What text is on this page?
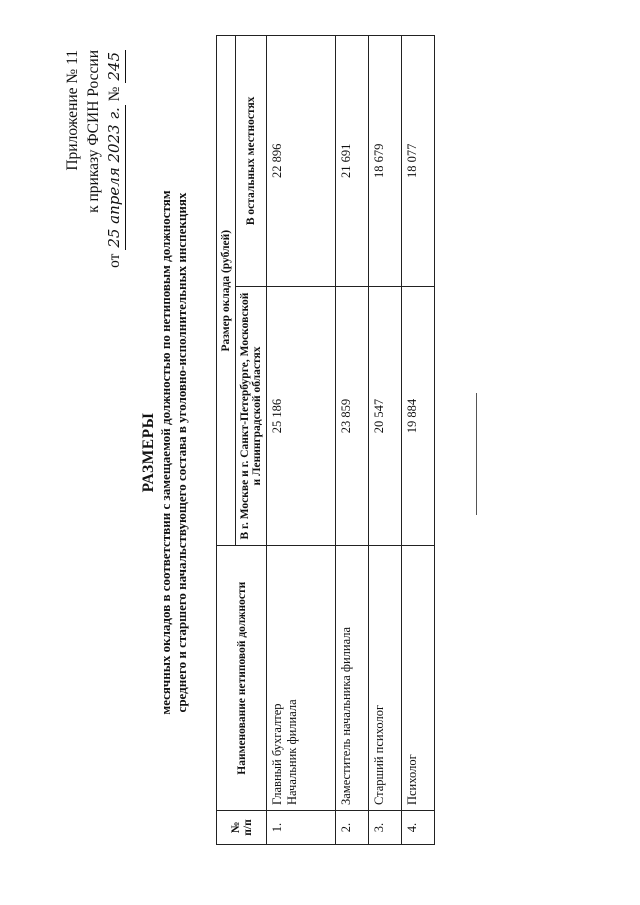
Приложение № 11 к приказу ФСИН России
от 25 апреля 2023 г. № 245
РАЗМЕРЫ месячных окладов в соответствии с замещаемой должностью по нетиповым должностям среднего и старшего начальствующего состава в уголовно-исполнительных инспекциях
№ п/п	Наименование нетиповой должности	Размер оклада (рублей)	
		В г. Москве и г. Санкт-Петербурге, Московской и Ленинградской областях	В остальных местностях
1.	Главный бухгалтер Начальник филиала	25 186	22 896
2.	Заместитель начальника филиала	23 859	21 691
3.	Старший психолог	20 547	18 679
4.	Психолог	19 884	18 077
